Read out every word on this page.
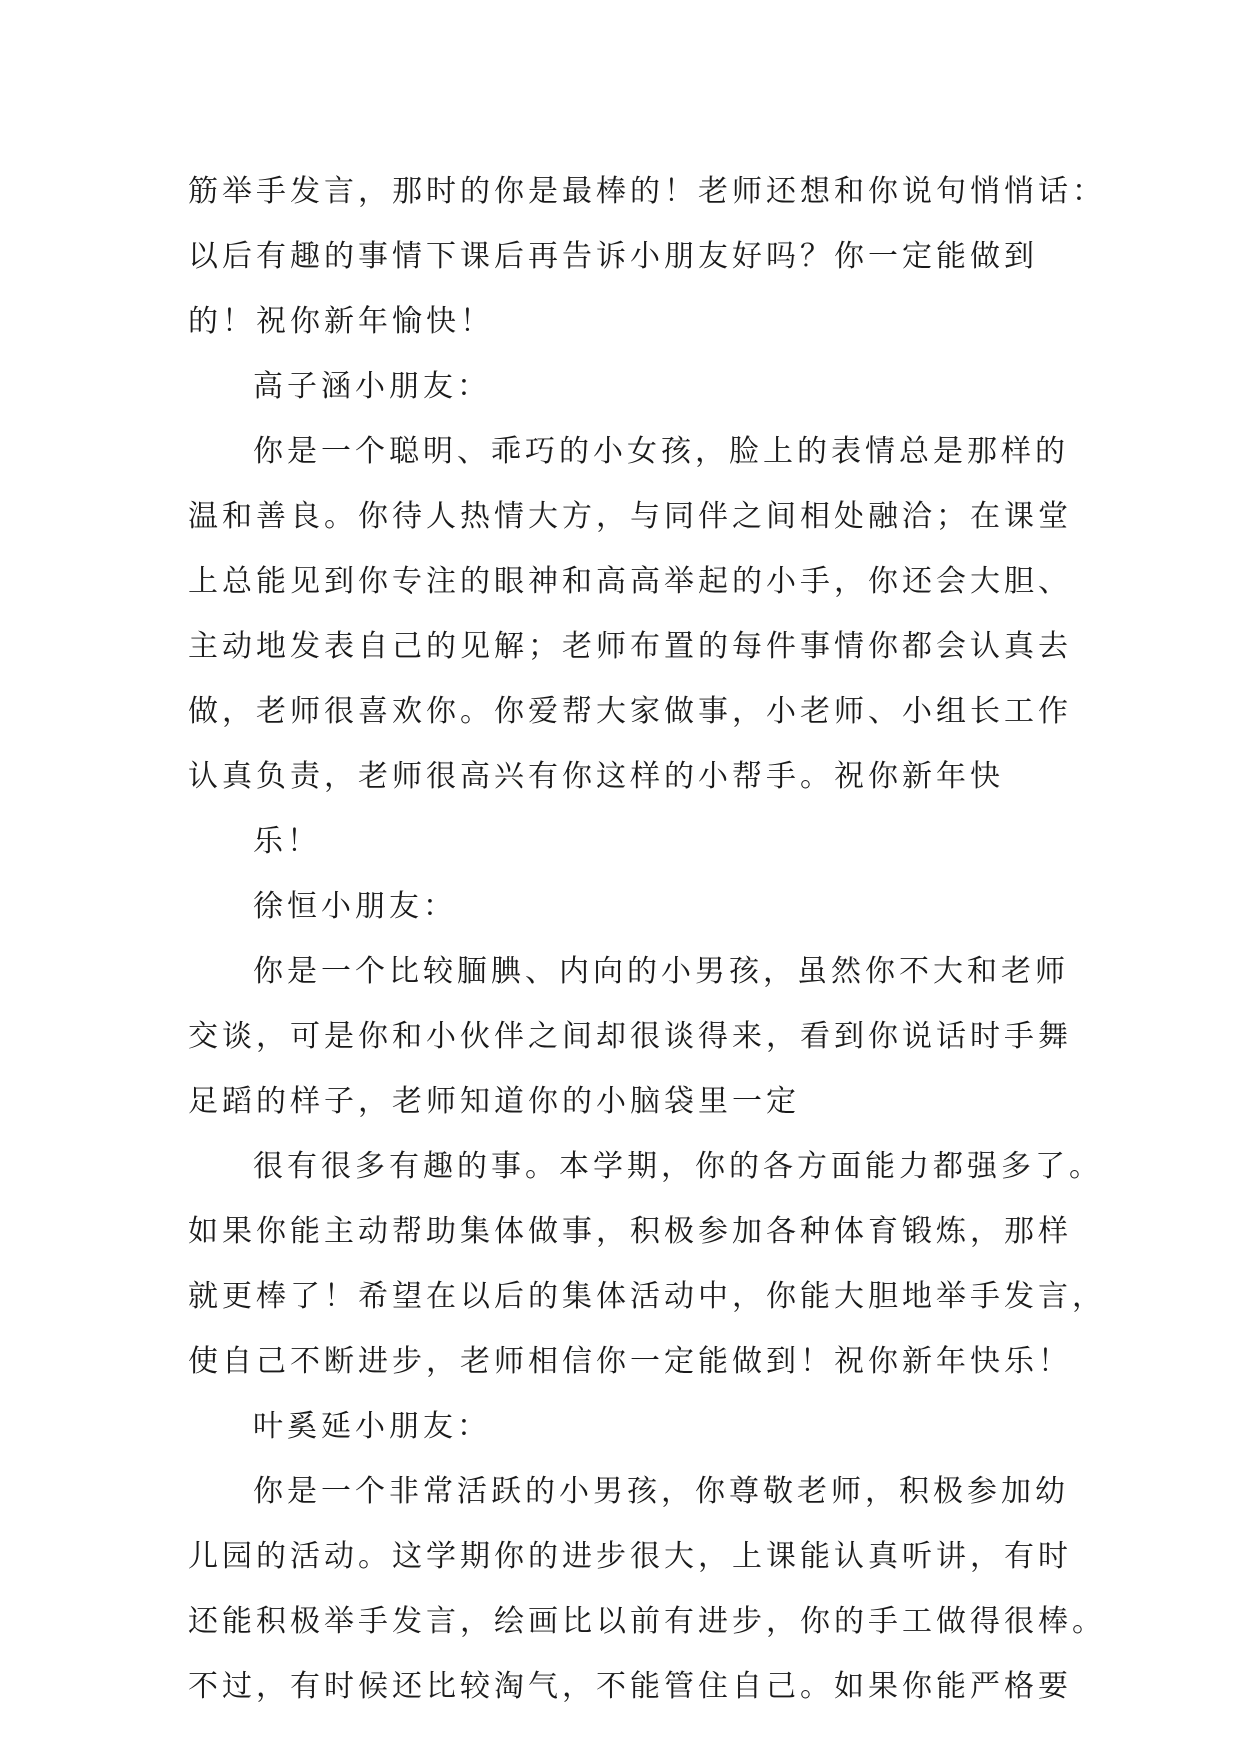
筋举手发言，那时的你是最棒的！老师还想和你说句悄悄话：
以后有趣的事情下课后再告诉小朋友好吗？你一定能做到
的！祝你新年愉快！
高子涵小朋友：
你是一个聪明、乖巧的小女孩，脸上的表情总是那样的
温和善良。你待人热情大方，与同伴之间相处融洽；在课堂
上总能见到你专注的眼神和高高举起的小手，你还会大胆、
主动地发表自己的见解；老师布置的每件事情你都会认真去
做，老师很喜欢你。你爱帮大家做事，小老师、小组长工作
认真负责，老师很高兴有你这样的小帮手。祝你新年快
乐！
徐恒小朋友：
你是一个比较腼腆、内向的小男孩，虽然你不大和老师
交谈，可是你和小伙伴之间却很谈得来，看到你说话时手舞
足蹈的样子，老师知道你的小脑袋里一定
很有很多有趣的事。本学期，你的各方面能力都强多了。
如果你能主动帮助集体做事，积极参加各种体育锻炼，那样
就更棒了！希望在以后的集体活动中，你能大胆地举手发言，
使自己不断进步，老师相信你一定能做到！祝你新年快乐！
叶奚延小朋友：
你是一个非常活跃的小男孩，你尊敬老师，积极参加幼
儿园的活动。这学期你的进步很大，上课能认真听讲，有时
还能积极举手发言，绘画比以前有进步，你的手工做得很棒。
不过，有时候还比较淘气，不能管住自己。如果你能严格要
